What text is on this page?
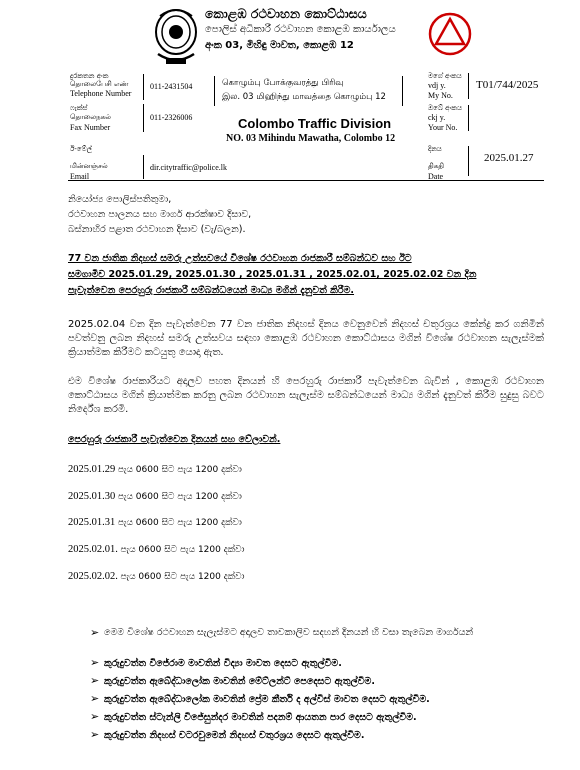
කොළඹ රථවාහන කොට්ඨාසය
පොලිස් අධිකාරී රථවාහන කොළඹ කාර්යාලය
අංක 03, මිහිඳු මාවත, කොළඹ 12
දුරකතන අංක
தொலைபேசி எண்
Telephone Number
011-2431504
ෆැක්ස්
தொலைநகல்
Fax Number
011-2326006
ඊ-මේල්
மின்னஞ்சல்
Email
dir.citytraffic@police.lk
கொழும்பு போக்குவரத்து பிரிவு
இல. 03 மிஹிந்து மாவத்தை கொழும்பு 12
Colombo Traffic Division
NO. 03 Mihindu Mawatha, Colombo 12
මගේ අංකය
vdj y.
My No.
T01/744/2025
ඔබේ අංකය
ckj y.
Your No.
දිනය
திகதி
Date
2025.01.27
නියෝජ්‍ය පොලිස්පතිතුමා,
රථවාහන පාලනය සහ මාර්ග ආරක්ෂාව දිසාව,
බස්නාහිර පළාත රථවාහන දිසාව (වැ/බලන).
77 වන ජාතික නිදහස් සමරු උත්සවයේ විශේෂ රථවාහන රාජකාරී සම්බන්ධව සහ ඊට
සමගාමීව 2025.01.29, 2025.01.30 , 2025.01.31 , 2025.02.01, 2025.02.02 වන දින
පැවැත්වෙන පෙරහුරු රාජකාරී සම්බන්ධයෙන් මාධ්‍ය මගින් දැනුවත් කිරීම.
2025.02.04 වන දින පැවැත්වෙන 77 වන ජාතික නිදහස් දිනය වෙනුවෙන් නිදහස් චතුරශ්‍රය කේන්ද්‍ර කර ගනිමින් පවත්වනු ලබන නිදහස් සමරු උත්සවය සඳහා කොළඹ රථවාහන කොට්ඨාසය මගින් විශේෂ රථවාහන සැලැස්මක් ක්‍රියාත්මක කිරීමට කටයුතු යොදා ඇත.
එම විශේෂ රාජකාරියට අදාලව පහත දිනයන් හි පෙරහුරු රාජකාරී පැවැත්වෙන බැවින් , කොළඹ රථවාහන කොට්ඨාසය මගින් ක්‍රියාත්මක කරනු ලබන රථවාහන සැලැස්ම සම්බන්ධයෙන් මාධ්‍ය මගින් දැනුවත් කිරීම සුදුසු බවට නිර්දේශ කරමි.
පෙරහුරු රාජකාරී පැවැත්වෙන දිනයන් සහ වේලාවන්.
2025.01.29 පැය 0600 සිට පැය 1200 දක්වා
2025.01.30 පැය 0600 සිට පැය 1200 දක්වා
2025.01.31 පැය 0600 සිට පැය 1200 දක්වා
2025.02.01. පැය 0600 සිට පැය 1200 දක්වා
2025.02.02. පැය 0600 සිට පැය 1200 දක්වා
➢ මෙම විශේෂ රථවාහන සැලැස්මට අදාලව තාවකාලිව සදහන් දිනයන් හි වසා තැබෙන මාර්ගයන්
➢ කුරුදුවත්ත විජේරාම මාවතින් විද්‍යා මාවත දෙසට ඇතුල්වීම.
➢ කුරුදුවත්ත ඇබේද්ධාලෝක මාවතින් මේට්ලන්ට් පෙදෙසට ඇතුල්වීම.
➢ කුරුදුවත්ත ඇබේද්ධාලෝක මාවතින් ප්‍රේම කීර්ති ද අල්විස් මාවත දෙසට ඇතුල්වීම.
➢ කුරුදුවත්ත ස්ටැන්ලි විජේසුන්දර මාවතින් පදනම් ආයතන පාර දෙසට ඇතුල්වීම.
➢ කුරුදුවත්ත නිදහස් චටරවුමෙන් නිදහස් චතුරශ්‍රය දෙසට ඇතුල්වීම.
